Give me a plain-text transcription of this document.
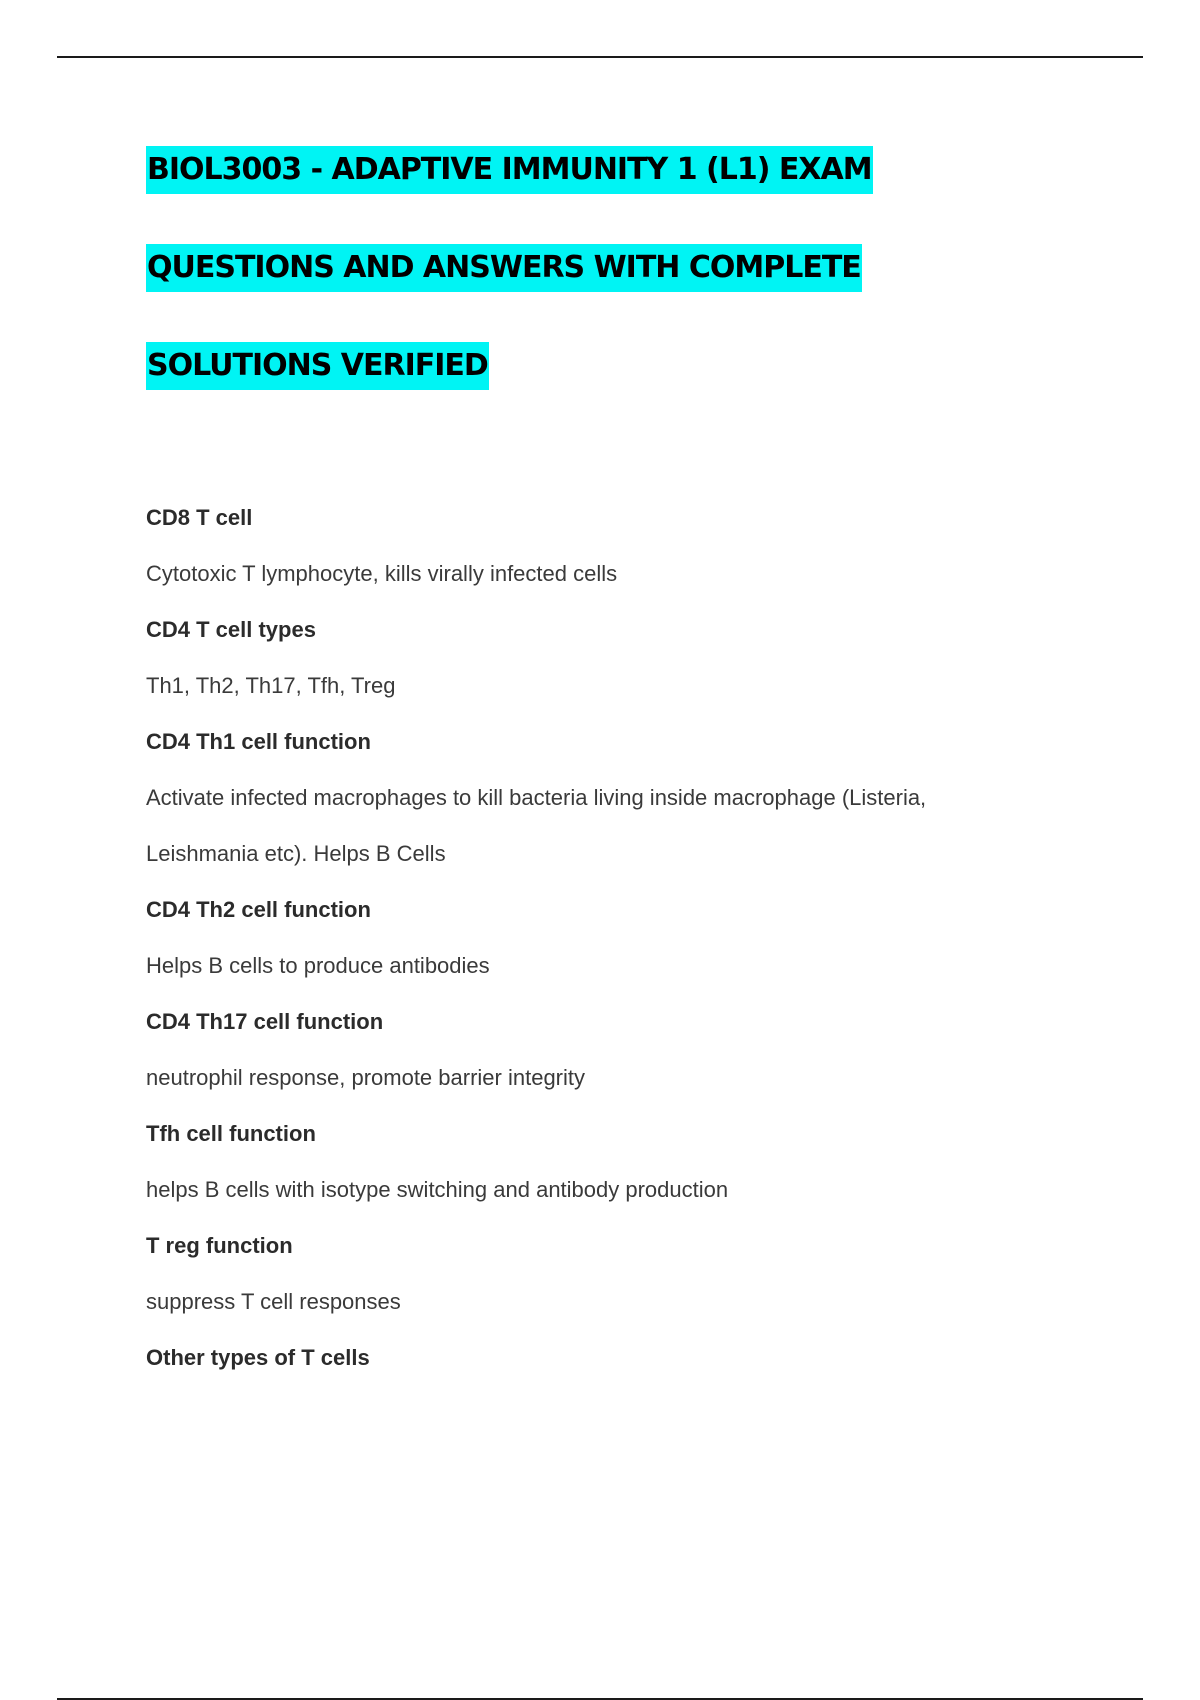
BIOL3003 - ADAPTIVE IMMUNITY 1 (L1) EXAM
QUESTIONS AND ANSWERS WITH COMPLETE
SOLUTIONS VERIFIED
CD8 T cell
Cytotoxic T lymphocyte, kills virally infected cells
CD4 T cell types
Th1, Th2, Th17, Tfh, Treg
CD4 Th1 cell function
Activate infected macrophages to kill bacteria living inside macrophage (Listeria,
Leishmania etc). Helps B Cells
CD4 Th2 cell function
Helps B cells to produce antibodies
CD4 Th17 cell function
neutrophil response, promote barrier integrity
Tfh cell function
helps B cells with isotype switching and antibody production
T reg function
suppress T cell responses
Other types of T cells
